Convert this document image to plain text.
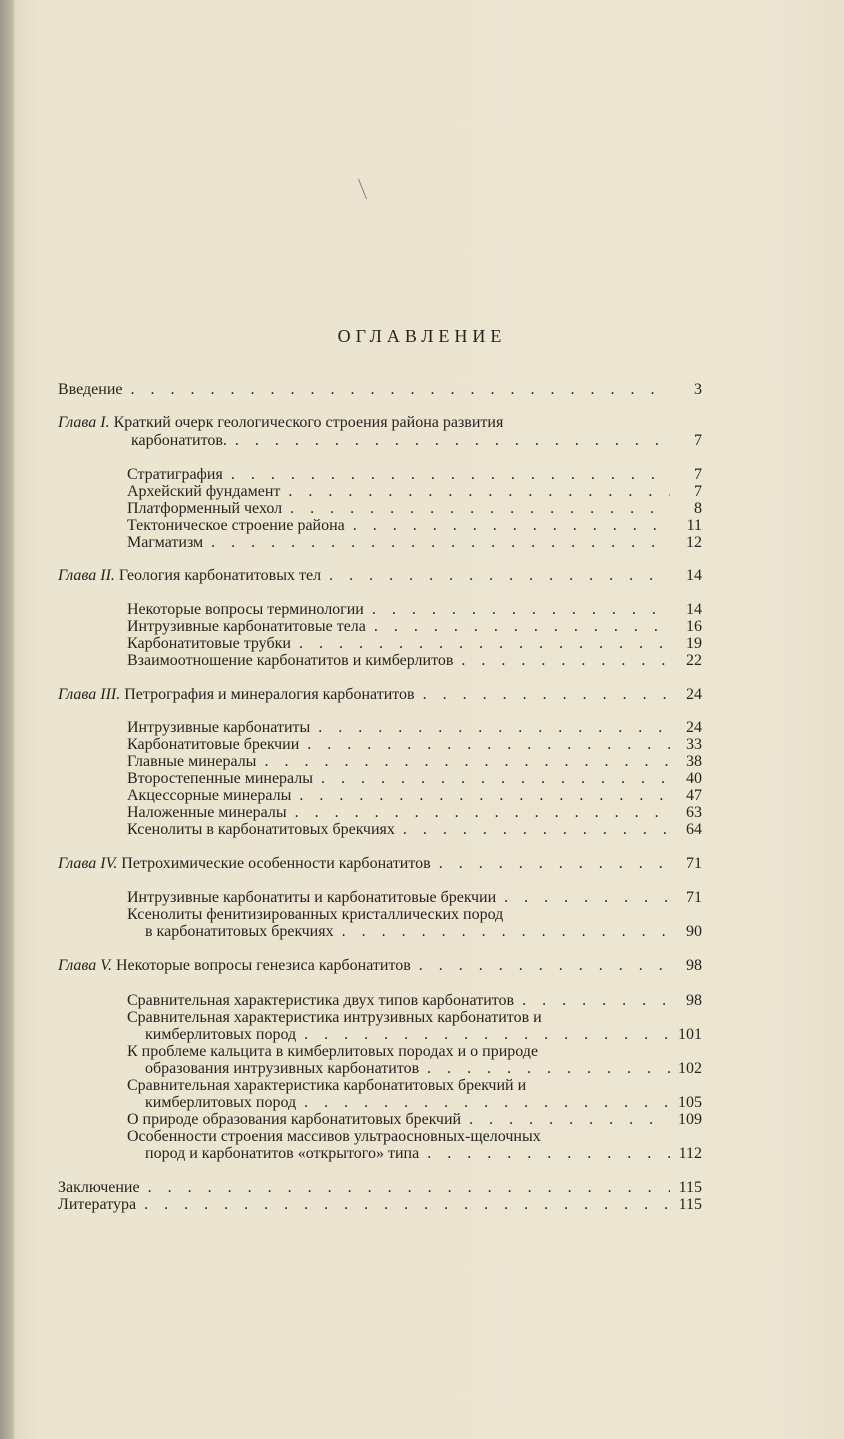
ОГЛАВЛЕНИЕ
Введение . . .	3
Глава I. Краткий очерк геологического строения района развития
карбонатитов. . . .	7
Стратиграфия . . .	7
Архейский фундамент . . .	7
Платформенный чехол . . .	8
Тектоническое строение района . . .	11
Магматизм . . .	12
Глава II. Геология карбонатитовых тел . . .	14
Некоторые вопросы терминологии . . .	14
Интрузивные карбонатитовые тела . . .	16
Карбонатитовые трубки . . .	19
Взаимоотношение карбонатитов и кимберлитов . . .	22
Глава III. Петрография и минералогия карбонатитов . . .	24
Интрузивные карбонатиты . . .	24
Карбонатитовые брекчии . . .	33
Главные минералы . . .	38
Второстепенные минералы . . .	40
Акцессорные минералы . . .	47
Наложенные минералы . . .	63
Ксенолиты в карбонатитовых брекчиях . . .	64
Глава IV. Петрохимические особенности карбонатитов . . .	71
Интрузивные карбонатиты и карбонатитовые брекчии . . .	71
Ксенолиты фенитизированных кристаллических пород
в карбонатитовых брекчиях . . .	90
Глава V. Некоторые вопросы генезиса карбонатитов . . .	98
Сравнительная характеристика двух типов карбонатитов . . .	98
Сравнительная характеристика интрузивных карбонатитов и
кимберлитовых пород . . .	101
К проблеме кальцита в кимберлитовых породах и о природе
образования интрузивных карбонатитов . . .	102
Сравнительная характеристика карбонатитовых брекчий и
кимберлитовых пород . . .	105
О природе образования карбонатитовых брекчий . . .	109
Особенности строения массивов ультраосновных-щелочных
пород и карбонатитов «открытого» типа . . .	112
Заключение . . .	115
Литература . . .	115
